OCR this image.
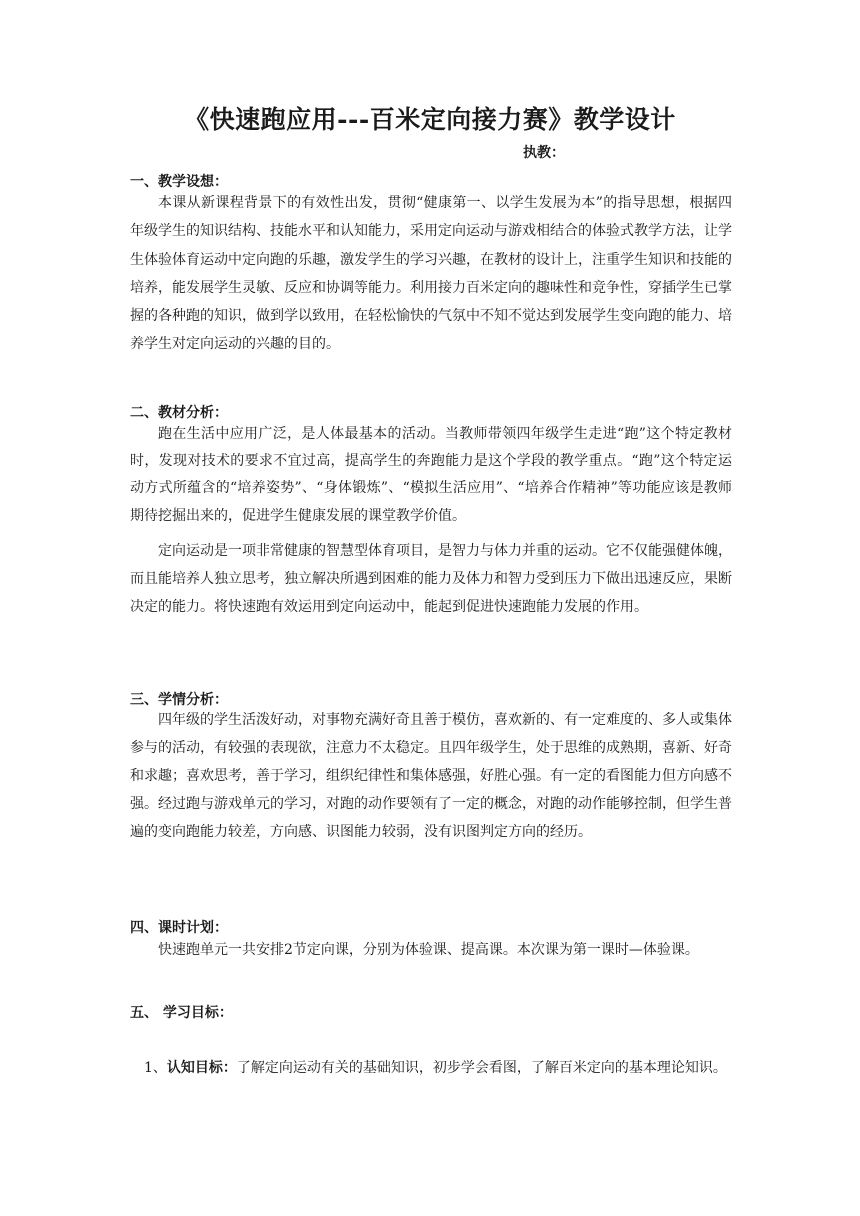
《快速跑应用---百米定向接力赛》教学设计
执教：
一、教学设想：

本课从新课程背景下的有效性出发，贯彻“健康第一、以学生发展为本”的指导思想，根据四年级学生的知识结构、技能水平和认知能力，采用定向运动与游戏相结合的体验式教学方法，让学生体验体育运动中定向跑的乐趣，激发学生的学习兴趣，在教材的设计上，注重学生知识和技能的培养，能发展学生灵敏、反应和协调等能力。利用接力百米定向的趣味性和竞争性，穿插学生已掌握的各种跑的知识，做到学以致用，在轻松愉快的气氛中不知不觉达到发展学生变向跑的能力、培养学生对定向运动的兴趣的目的。

二、教材分析：

跑在生活中应用广泛，是人体最基本的活动。当教师带领四年级学生走进“跑”这个特定教材时，发现对技术的要求不宜过高，提高学生的奔跑能力是这个学段的教学重点。“跑”这个特定运动方式所蕴含的“培养姿势”、“身体锻炼”、“模拟生活应用”、“培养合作精神”等功能应该是教师期待挖掘出来的，促进学生健康发展的课堂教学价值。

定向运动是一项非常健康的智慧型体育项目，是智力与体力并重的运动。它不仅能强健体魄，而且能培养人独立思考，独立解决所遇到困难的能力及体力和智力受到压力下做出迅速反应，果断决定的能力。将快速跑有效运用到定向运动中，能起到促进快速跑能力发展的作用。

三、学情分析：

四年级的学生活泼好动，对事物充满好奇且善于模仿，喜欢新的、有一定难度的、多人或集体参与的活动，有较强的表现欲，注意力不太稳定。且四年级学生，处于思维的成熟期，喜新、好奇和求趣；喜欢思考，善于学习，组织纪律性和集体感强，好胜心强。有一定的看图能力但方向感不强。经过跑与游戏单元的学习，对跑的动作要领有了一定的概念，对跑的动作能够控制，但学生普遍的变向跑能力较差，方向感、识图能力较弱，没有识图判定方向的经历。

四、课时计划：

快速跑单元一共安排2节定向课，分别为体验课、提高课。本次课为第一课时—体验课。

五、 学习目标：

1、认知目标：了解定向运动有关的基础知识，初步学会看图，了解百米定向的基本理论知识。
